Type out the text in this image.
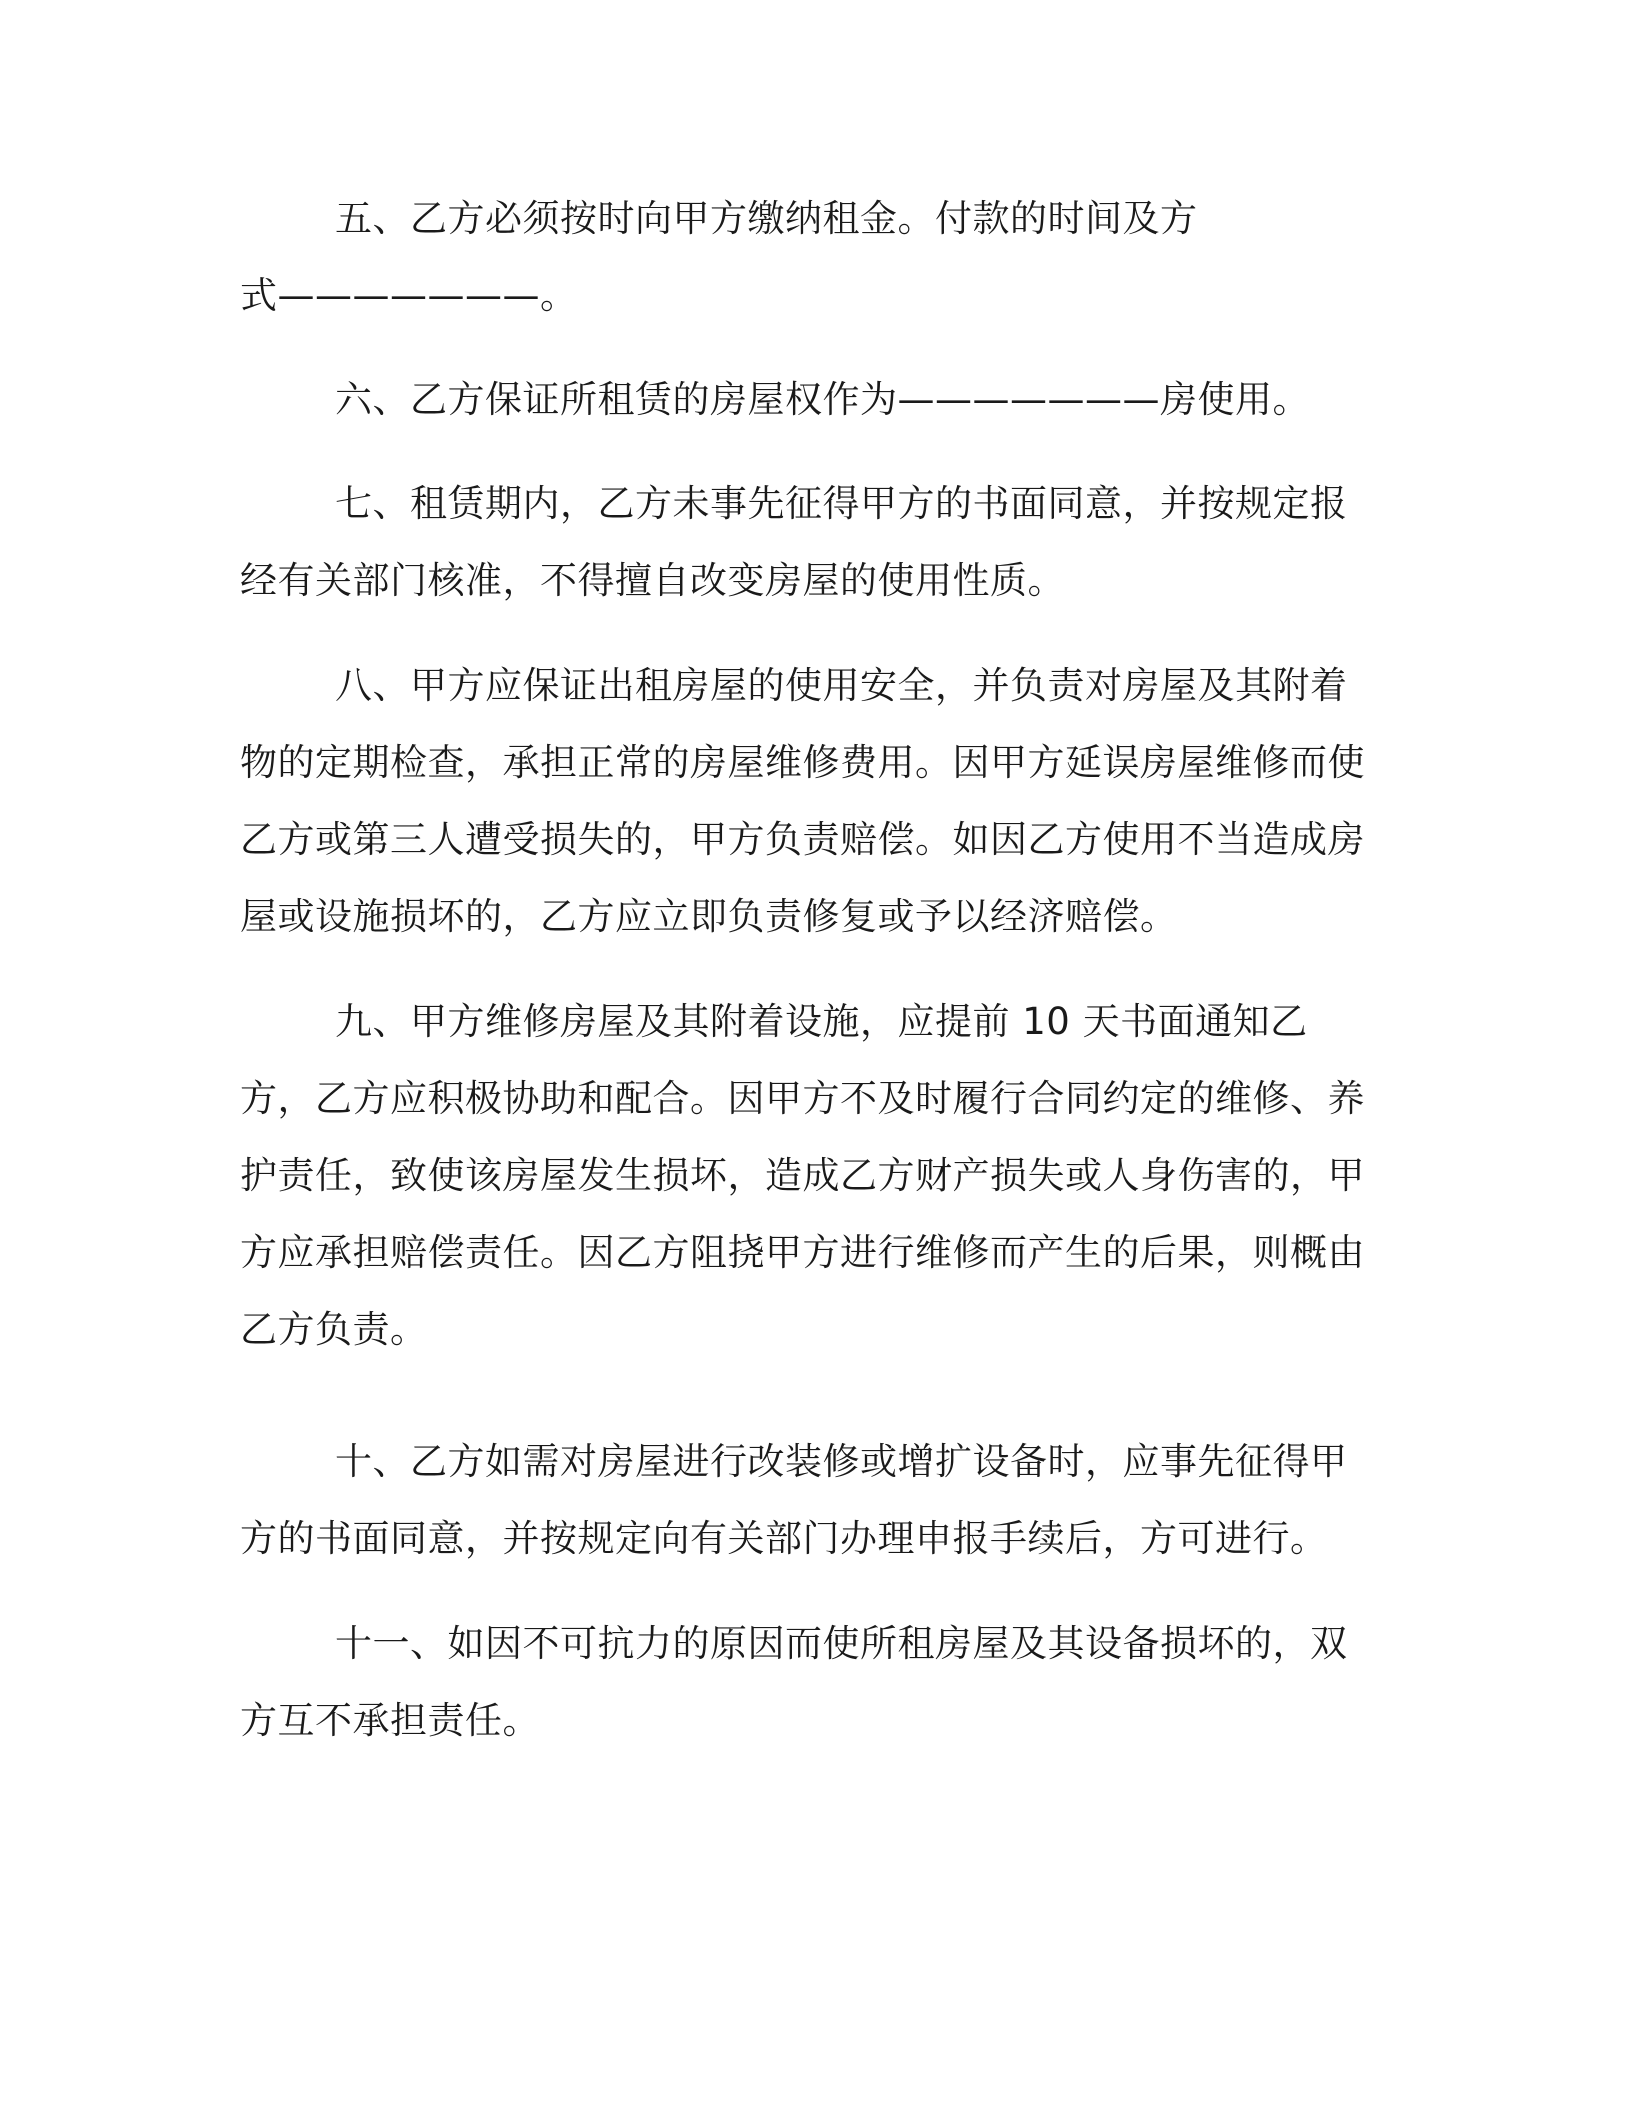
五、乙方必须按时向甲方缴纳租金。付款的时间及方式———————。

六、乙方保证所租赁的房屋权作为———————房使用。

七、租赁期内，乙方未事先征得甲方的书面同意，并按规定报经有关部门核准，不得擅自改变房屋的使用性质。

八、甲方应保证出租房屋的使用安全，并负责对房屋及其附着物的定期检查，承担正常的房屋维修费用。因甲方延误房屋维修而使乙方或第三人遭受损失的，甲方负责赔偿。如因乙方使用不当造成房屋或设施损坏的，乙方应立即负责修复或予以经济赔偿。

九、甲方维修房屋及其附着设施，应提前 10 天书面通知乙方，乙方应积极协助和配合。因甲方不及时履行合同约定的维修、养护责任，致使该房屋发生损坏，造成乙方财产损失或人身伤害的，甲方应承担赔偿责任。因乙方阻挠甲方进行维修而产生的后果，则概由乙方负责。

十、乙方如需对房屋进行改装修或增扩设备时，应事先征得甲方的书面同意，并按规定向有关部门办理申报手续后，方可进行。

十一、如因不可抗力的原因而使所租房屋及其设备损坏的，双方互不承担责任。
